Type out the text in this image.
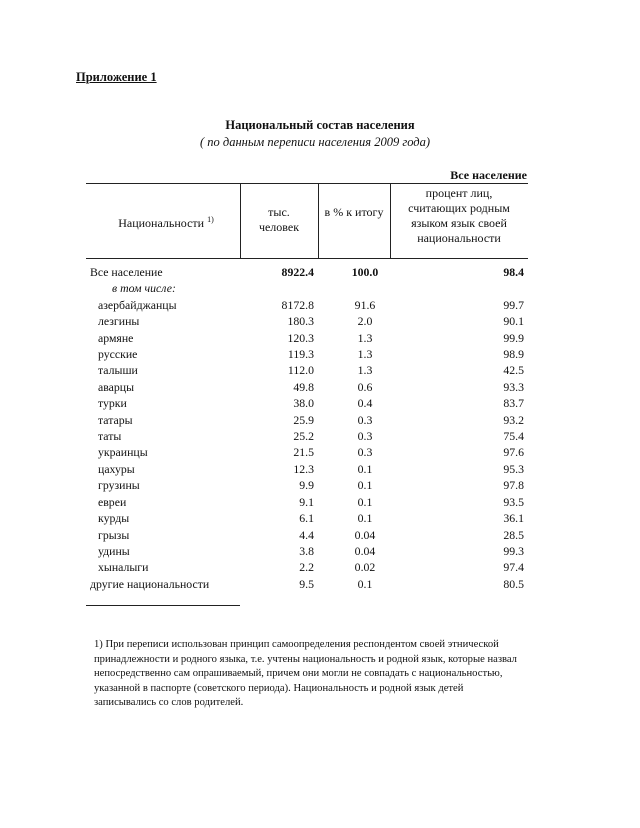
Приложение 1
Национальный состав населения
( по данным переписи населения 2009 года)
Все население
Национальности $^{1)}$
тыс. человек
в % к итогу
процент лиц, считающих родным языком язык своей национальности
Все население	8922.4	100.0	98.4
в том числе:			
азербайджанцы	8172.8	91.6	99.7
лезгины	180.3	2.0	90.1
армяне	120.3	1.3	99.9
русские	119.3	1.3	98.9
талыши	112.0	1.3	42.5
аварцы	49.8	0.6	93.3
турки	38.0	0.4	83.7
татары	25.9	0.3	93.2
таты	25.2	0.3	75.4
украинцы	21.5	0.3	97.6
цахуры	12.3	0.1	95.3
грузины	9.9	0.1	97.8
евреи	9.1	0.1	93.5
курды	6.1	0.1	36.1
грызы	4.4	0.04	28.5
удины	3.8	0.04	99.3
хыналыги	2.2	0.02	97.4
другие национальности	9.5	0.1	80.5
1) При переписи использован принцип самоопределения респондентом своей этнической принадлежности и родного языка, т.е. учтены национальность и родной язык, которые назвал непосредственно сам опрашиваемый, причем они могли не совпадать с национальностью, указанной в паспорте (советского периода). Национальность и родной язык детей записывались со слов родителей.
